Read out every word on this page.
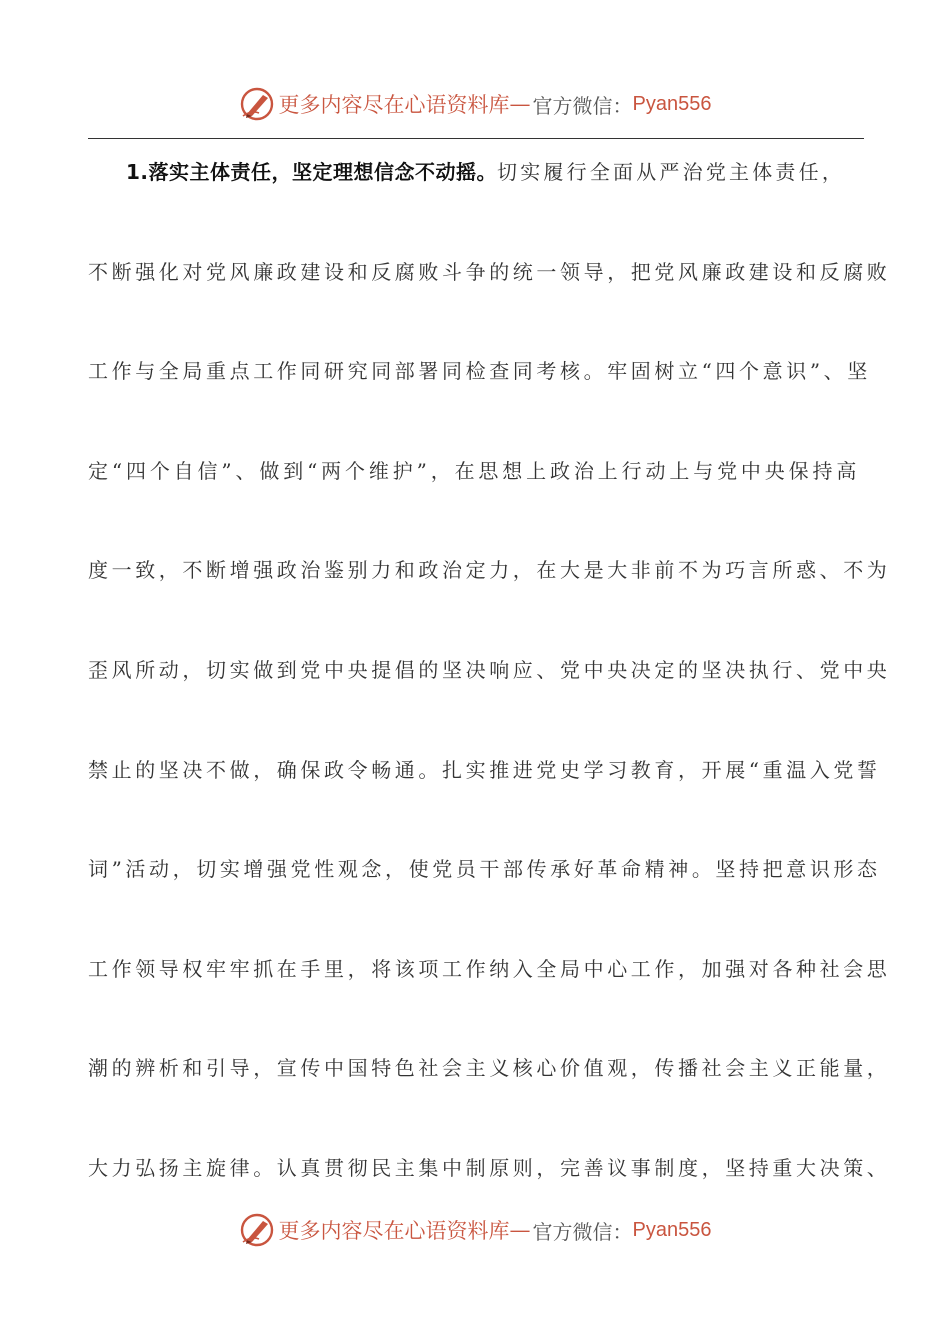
更多内容尽在心语资料库 — 官方微信： Pyan556
1.落实主体责任，坚定理想信念不动摇。切实履行全面从严治党主体责任，
不断强化对党风廉政建设和反腐败斗争的统一领导，把党风廉政建设和反腐败
工作与全局重点工作同研究同部署同检查同考核。牢固树立“四个意识”、坚
定“四个自信”、做到“两个维护”，在思想上政治上行动上与党中央保持高
度一致，不断增强政治鉴别力和政治定力，在大是大非前不为巧言所惑、不为
歪风所动，切实做到党中央提倡的坚决响应、党中央决定的坚决执行、党中央
禁止的坚决不做，确保政令畅通。扎实推进党史学习教育，开展“重温入党誓
词”活动，切实增强党性观念，使党员干部传承好革命精神。坚持把意识形态
工作领导权牢牢抓在手里，将该项工作纳入全局中心工作，加强对各种社会思
潮的辨析和引导，宣传中国特色社会主义核心价值观，传播社会主义正能量，
大力弘扬主旋律。认真贯彻民主集中制原则，完善议事制度，坚持重大决策、
更多内容尽在心语资料库 — 官方微信： Pyan556
